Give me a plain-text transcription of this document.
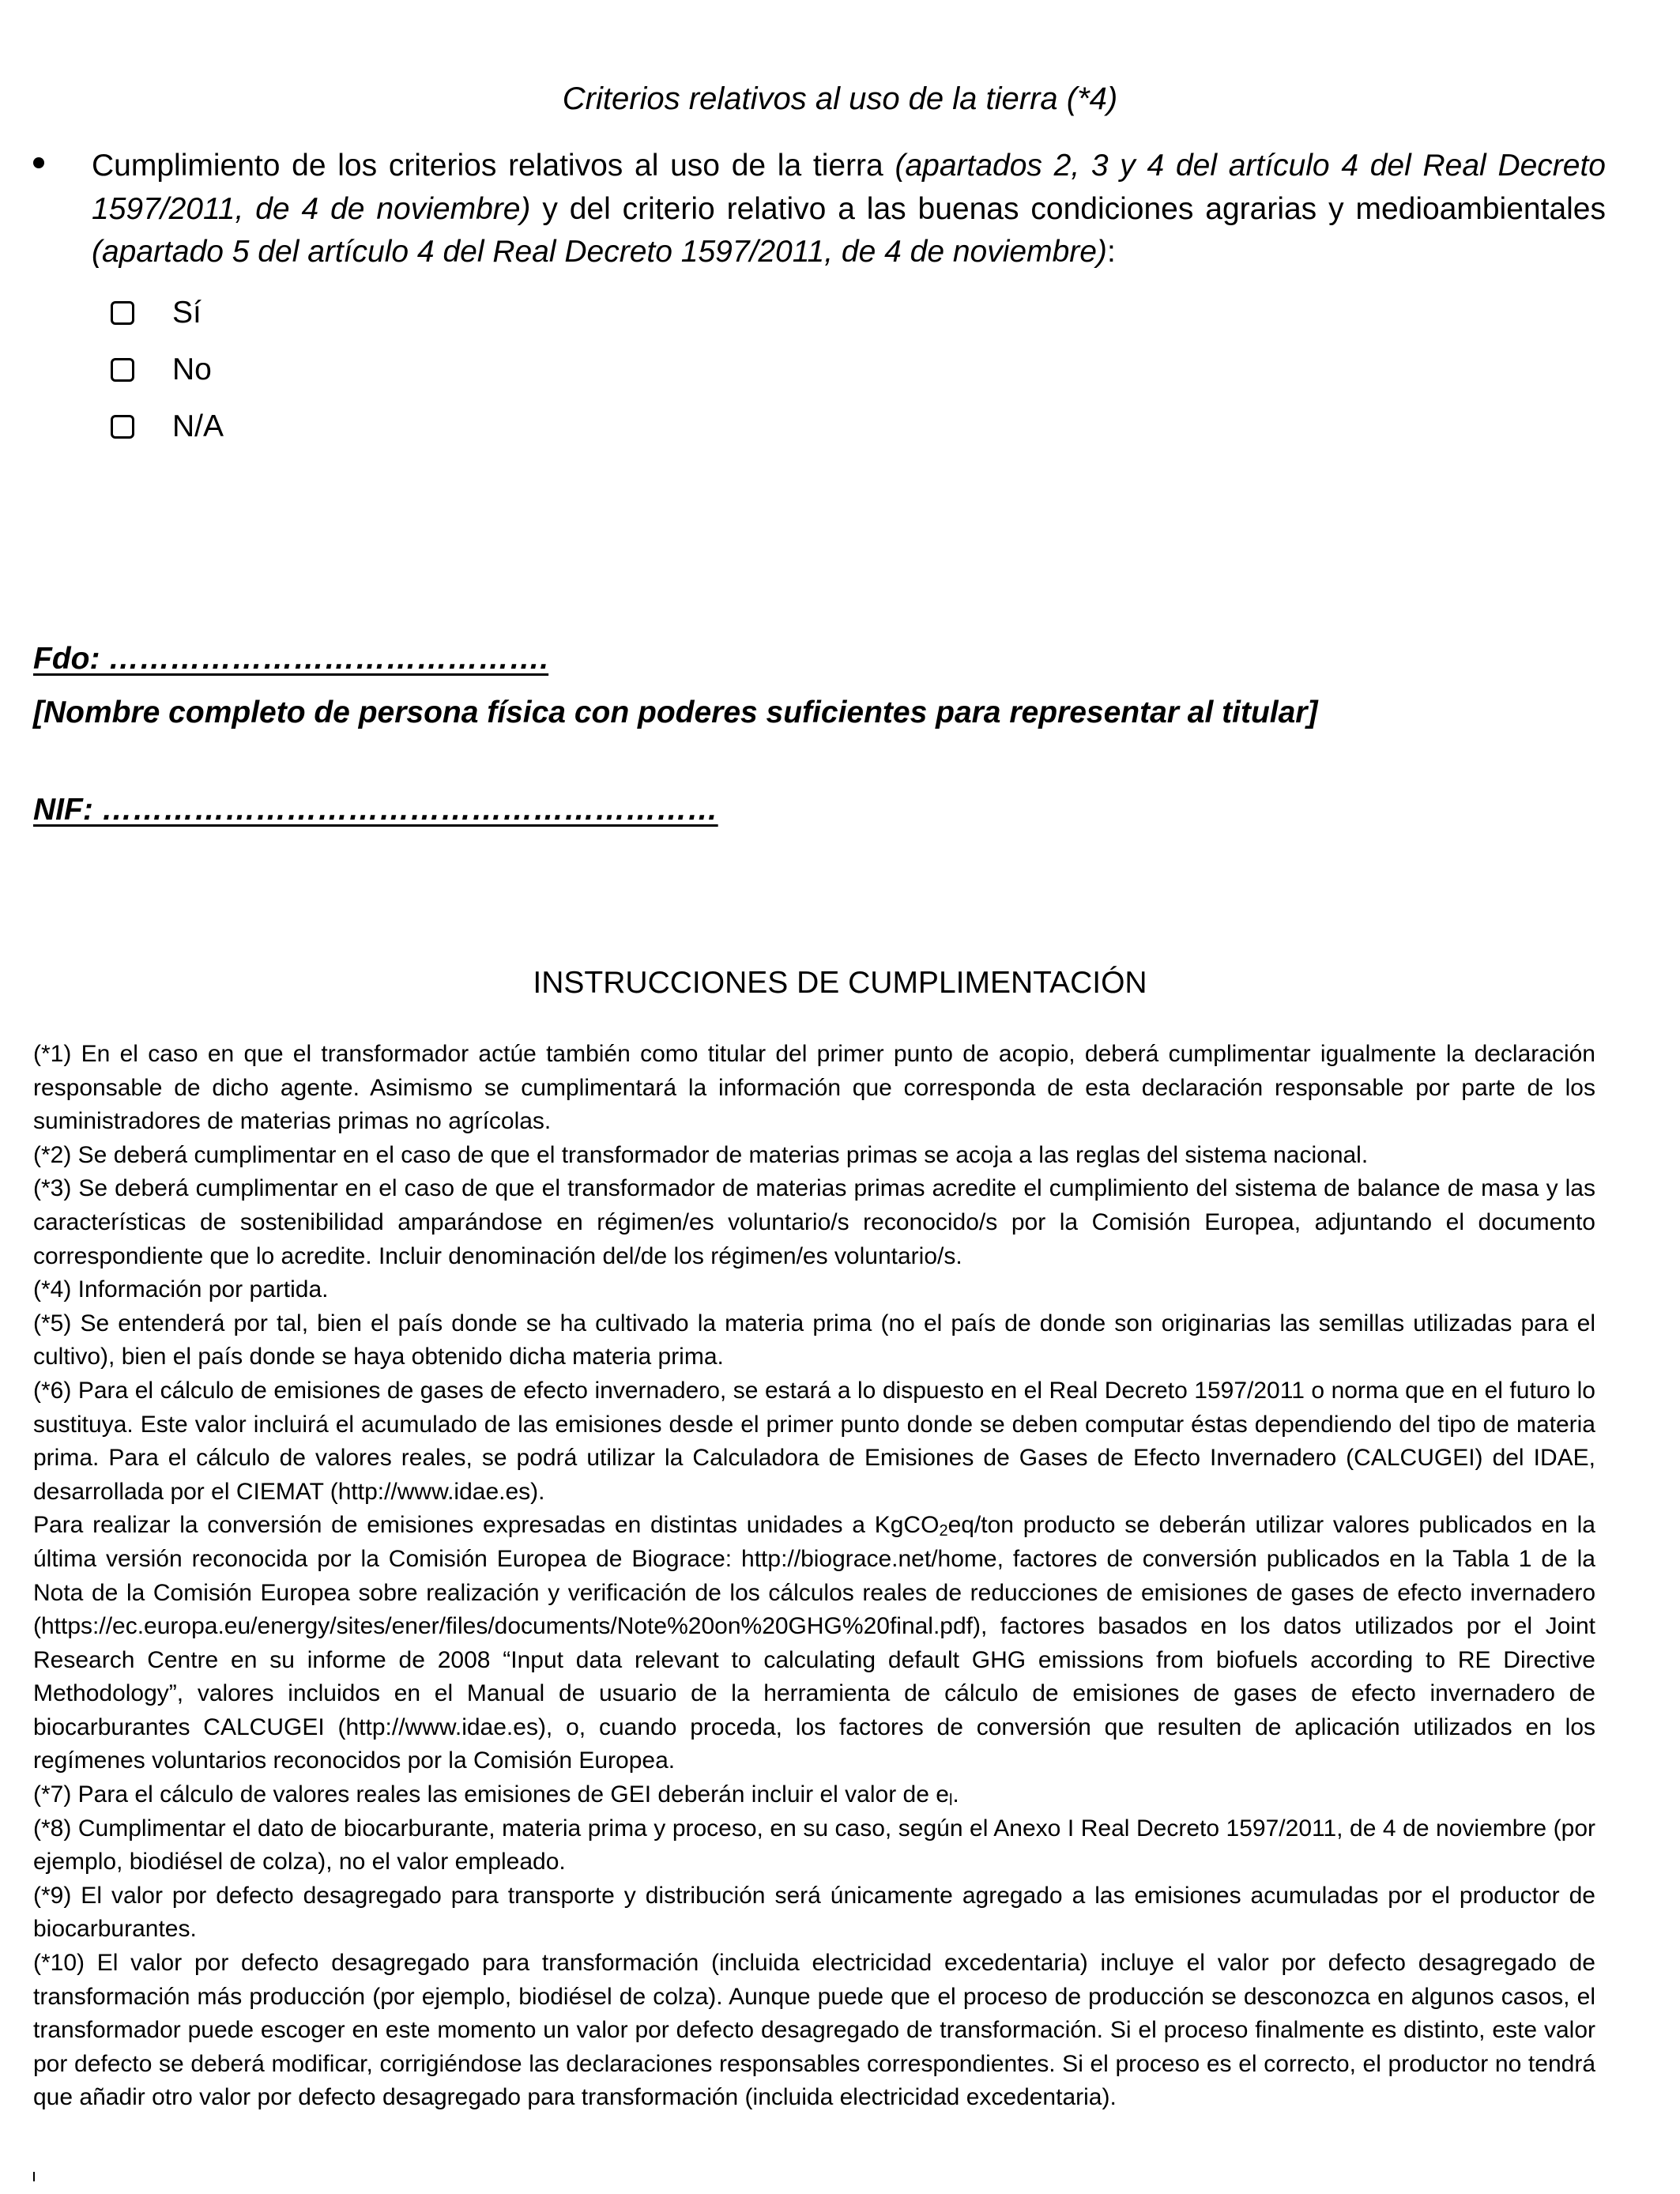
Criterios relativos al uso de la tierra (*4)
Cumplimiento de los criterios relativos al uso de la tierra (apartados 2, 3 y 4 del artículo 4 del Real Decreto 1597/2011, de 4 de noviembre) y del criterio relativo a las buenas condiciones agrarias y medioambientales (apartado 5 del artículo 4 del Real Decreto 1597/2011, de 4 de noviembre):
Sí
No
N/A
Fdo: …………………………………….
[Nombre completo de persona física con poderes suficientes para representar al titular]
NIF: ……………………………………………………
INSTRUCCIONES DE CUMPLIMENTACIÓN

(*1) En el caso en que el transformador actúe también como titular del primer punto de acopio, deberá cumplimentar igualmente la declaración responsable de dicho agente. Asimismo se cumplimentará la información que corresponda de esta declaración responsable por parte de los suministradores de materias primas no agrícolas.

(*2) Se deberá cumplimentar en el caso de que el transformador de materias primas se acoja a las reglas del sistema nacional.

(*3) Se deberá cumplimentar en el caso de que el transformador de materias primas acredite el cumplimiento del sistema de balance de masa y las características de sostenibilidad amparándose en régimen/es voluntario/s reconocido/s por la Comisión Europea, adjuntando el documento correspondiente que lo acredite. Incluir denominación del/de los régimen/es voluntario/s.

(*4) Información por partida.

(*5) Se entenderá por tal, bien el país donde se ha cultivado la materia prima (no el país de donde son originarias las semillas utilizadas para el cultivo), bien el país donde se haya obtenido dicha materia prima.

(*6) Para el cálculo de emisiones de gases de efecto invernadero, se estará a lo dispuesto en el Real Decreto 1597/2011 o norma que en el futuro lo sustituya. Este valor incluirá el acumulado de las emisiones desde el primer punto donde se deben computar éstas dependiendo del tipo de materia prima. Para el cálculo de valores reales, se podrá utilizar la Calculadora de Emisiones de Gases de Efecto Invernadero (CALCUGEI) del IDAE, desarrollada por el CIEMAT (http://www.idae.es).

Para realizar la conversión de emisiones expresadas en distintas unidades a KgCO$_2$eq/ton producto se deberán utilizar valores publicados en la última versión reconocida por la Comisión Europea de Biograce: http://biograce.net/home, factores de conversión publicados en la Tabla 1 de la Nota de la Comisión Europea sobre realización y verificación de los cálculos reales de reducciones de emisiones de gases de efecto invernadero (https://ec.europa.eu/energy/sites/ener/files/documents/Note%20on%20GHG%20final.pdf), factores basados en los datos utilizados por el Joint Research Centre en su informe de 2008 “Input data relevant to calculating default GHG emissions from biofuels according to RE Directive Methodology”, valores incluidos en el Manual de usuario de la herramienta de cálculo de emisiones de gases de efecto invernadero de biocarburantes CALCUGEI (http://www.idae.es), o, cuando proceda, los factores de conversión que resulten de aplicación utilizados en los regímenes voluntarios reconocidos por la Comisión Europea.

(*7) Para el cálculo de valores reales las emisiones de GEI deberán incluir el valor de $e_l$.

(*8) Cumplimentar el dato de biocarburante, materia prima y proceso, en su caso, según el Anexo I Real Decreto 1597/2011, de 4 de noviembre (por ejemplo, biodiésel de colza), no el valor empleado.

(*9) El valor por defecto desagregado para transporte y distribución será únicamente agregado a las emisiones acumuladas por el productor de biocarburantes.

(*10) El valor por defecto desagregado para transformación (incluida electricidad excedentaria) incluye el valor por defecto desagregado de transformación más producción (por ejemplo, biodiésel de colza). Aunque puede que el proceso de producción se desconozca en algunos casos, el transformador puede escoger en este momento un valor por defecto desagregado de transformación. Si el proceso finalmente es distinto, este valor por defecto se deberá modificar, corrigiéndose las declaraciones responsables correspondientes. Si el proceso es el correcto, el productor no tendrá que añadir otro valor por defecto desagregado para transformación (incluida electricidad excedentaria).
